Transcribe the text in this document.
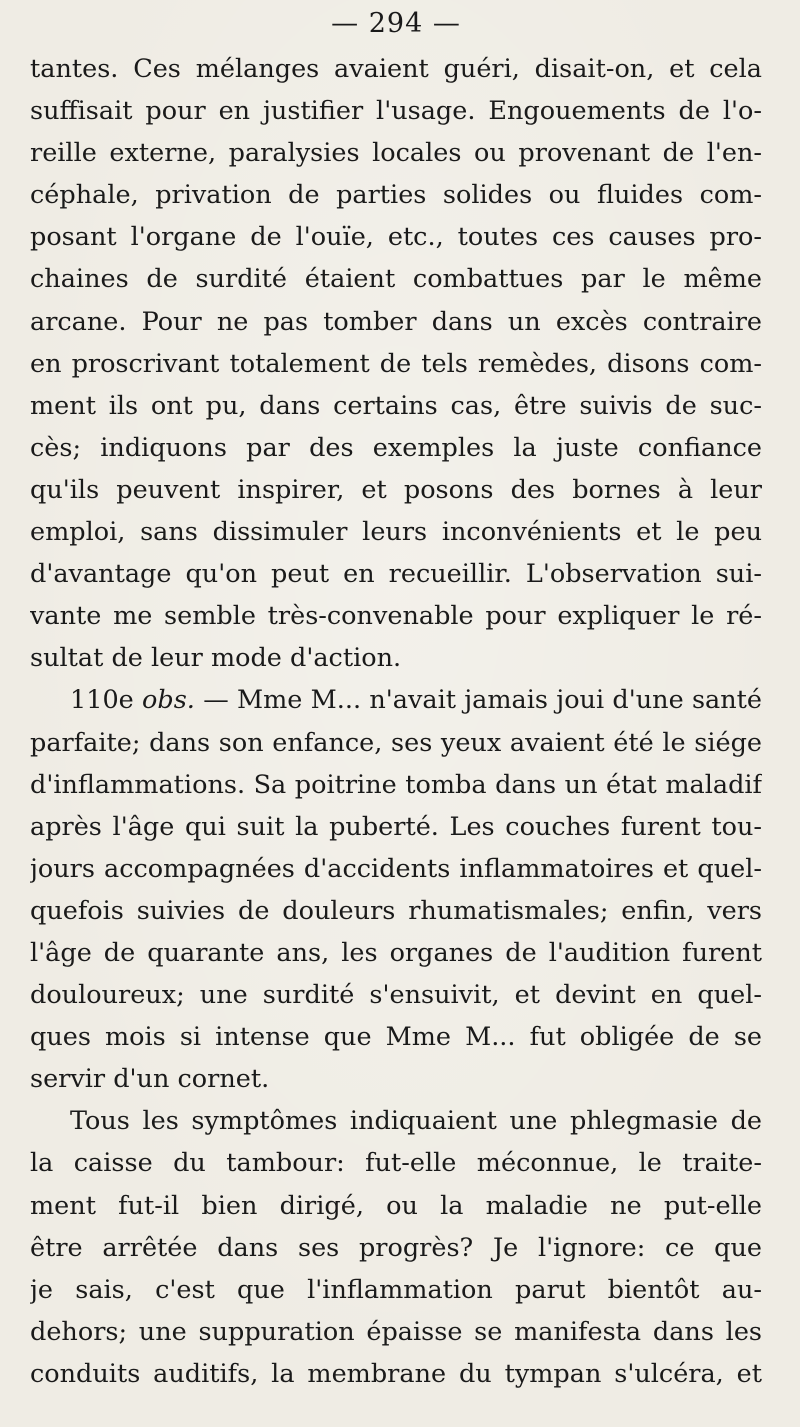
— 294 —
tantes. Ces mélanges avaient guéri, disait-on, et cela
suffisait pour en justifier l'usage. Engouements de l'o-
reille externe, paralysies locales ou provenant de l'en-
céphale, privation de parties solides ou fluides com-
posant l'organe de l'ouïe, etc., toutes ces causes pro-
chaines de surdité étaient combattues par le même
arcane. Pour ne pas tomber dans un excès contraire
en proscrivant totalement de tels remèdes, disons com-
ment ils ont pu, dans certains cas, être suivis de suc-
cès; indiquons par des exemples la juste confiance
qu'ils peuvent inspirer, et posons des bornes à leur
emploi, sans dissimuler leurs inconvénients et le peu
d'avantage qu'on peut en recueillir. L'observation sui-
vante me semble très-convenable pour expliquer le ré-
sultat de leur mode d'action.
110e obs. — Mme M... n'avait jamais joui d'une santé
parfaite; dans son enfance, ses yeux avaient été le siége
d'inflammations. Sa poitrine tomba dans un état maladif
après l'âge qui suit la puberté. Les couches furent tou-
jours accompagnées d'accidents inflammatoires et quel-
quefois suivies de douleurs rhumatismales; enfin, vers
l'âge de quarante ans, les organes de l'audition furent
douloureux; une surdité s'ensuivit, et devint en quel-
ques mois si intense que Mme M... fut obligée de se
servir d'un cornet.
Tous les symptômes indiquaient une phlegmasie de
la caisse du tambour: fut-elle méconnue, le traite-
ment fut-il bien dirigé, ou la maladie ne put-elle
être arrêtée dans ses progrès? Je l'ignore: ce que
je sais, c'est que l'inflammation parut bientôt au-
dehors; une suppuration épaisse se manifesta dans les
conduits auditifs, la membrane du tympan s'ulcéra, et
